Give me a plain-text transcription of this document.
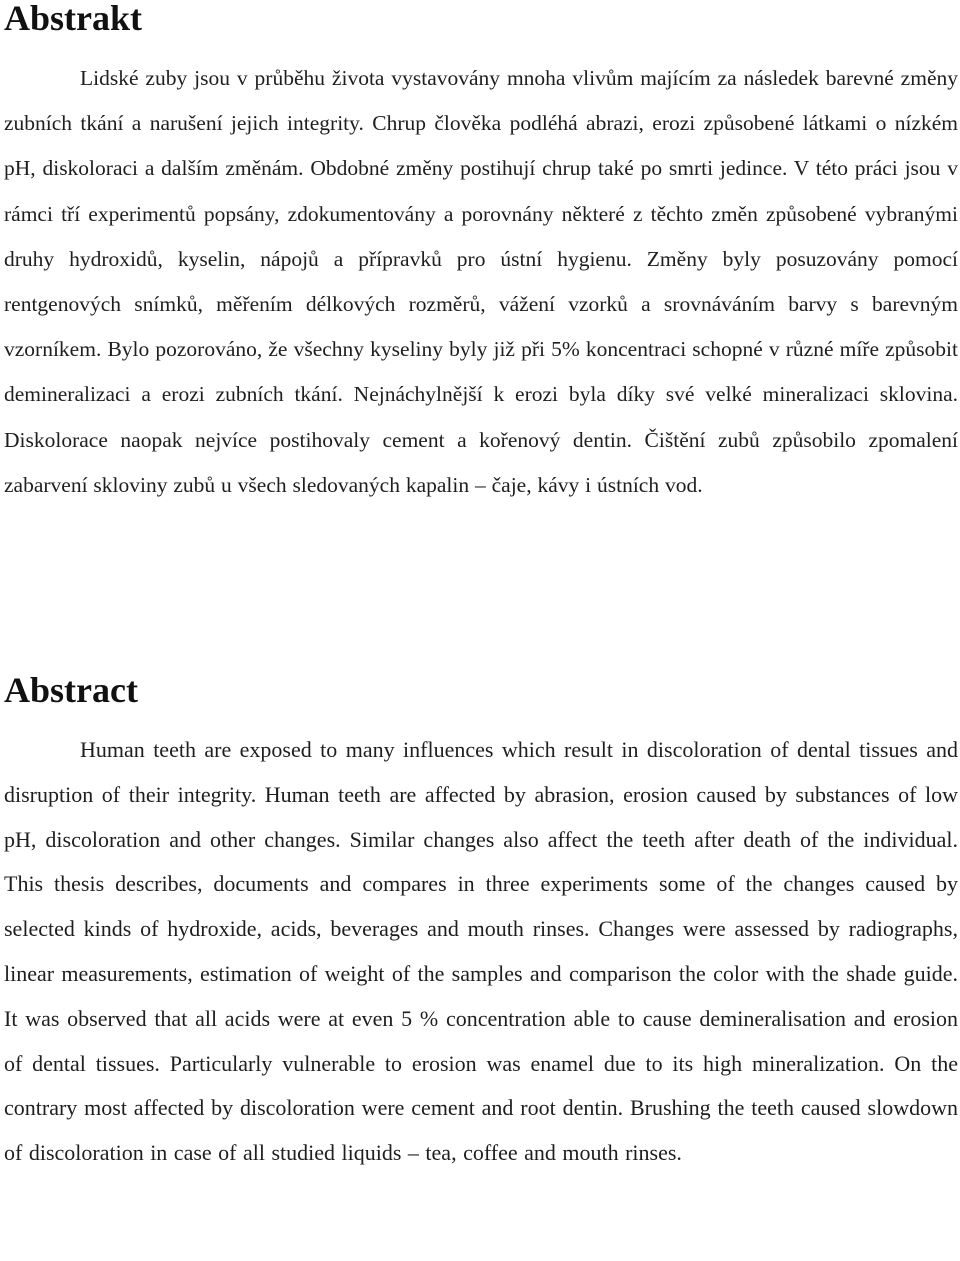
Abstrakt

Lidské zuby jsou v průběhu života vystavovány mnoha vlivům majícím za následek barevné změny zubních tkání a narušení jejich integrity. Chrup člověka podléhá abrazi, erozi způsobené látkami o nízkém pH, diskoloraci a dalším změnám. Obdobné změny postihují chrup také po smrti jedince. V této práci jsou v rámci tří experimentů popsány, zdokumentovány a porovnány některé z těchto změn způsobené vybranými druhy hydroxidů, kyselin, nápojů a přípravků pro ústní hygienu. Změny byly posuzovány pomocí rentgenových snímků, měřením délkových rozměrů, vážení vzorků a srovnáváním barvy s barevným vzorníkem. Bylo pozorováno, že všechny kyseliny byly již při 5% koncentraci schopné v různé míře způsobit demineralizaci a erozi zubních tkání. Nejnáchylnější k erozi byla díky své velké mineralizaci sklovina. Diskolorace naopak nejvíce postihovaly cement a kořenový dentin. Čištění zubů způsobilo zpomalení zabarvení skloviny zubů u všech sledovaných kapalin – čaje, kávy i ústních vod.

Abstract

Human teeth are exposed to many influences which result in discoloration of dental tissues and disruption of their integrity. Human teeth are affected by abrasion, erosion caused by substances of low pH, discoloration and other changes. Similar changes also affect the teeth after death of the individual. This thesis describes, documents and compares in three experiments some of the changes caused by selected kinds of hydroxide, acids, beverages and mouth rinses. Changes were assessed by radiographs, linear measurements, estimation of weight of the samples and comparison the color with the shade guide. It was observed that all acids were at even 5 % concentration able to cause demineralisation and erosion of dental tissues. Particularly vulnerable to erosion was enamel due to its high mineralization. On the contrary most affected by discoloration were cement and root dentin. Brushing the teeth caused slowdown of discoloration in case of all studied liquids – tea, coffee and mouth rinses.
